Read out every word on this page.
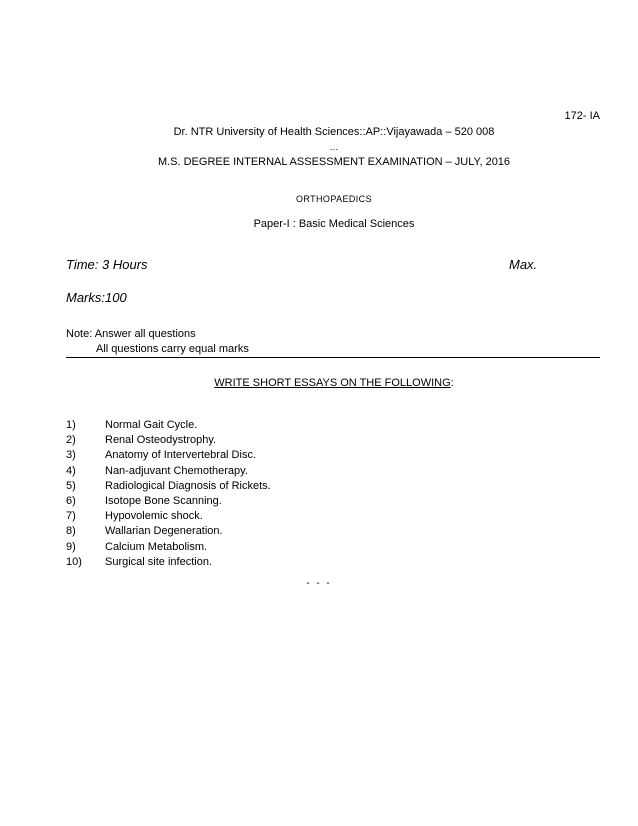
172- IA
Dr. NTR University of Health Sciences::AP::Vijayawada – 520 008
…
M.S. DEGREE INTERNAL ASSESSMENT EXAMINATION – JULY, 2016
ORTHOPAEDICS
Paper-I : Basic Medical Sciences
Time: 3 Hours	Max.
Marks:100
Note: Answer all questions
All questions carry equal marks
WRITE SHORT ESSAYS ON THE FOLLOWING:
1)	Normal Gait Cycle.
2)	Renal Osteodystrophy.
3)	Anatomy of Intervertebral Disc.
4)	Nan-adjuvant Chemotherapy.
5)	Radiological Diagnosis of Rickets.
6)	Isotope Bone Scanning.
7)	Hypovolemic shock.
8)	Wallarian Degeneration.
9)	Calcium Metabolism.
10) Surgical site infection.
- - -
